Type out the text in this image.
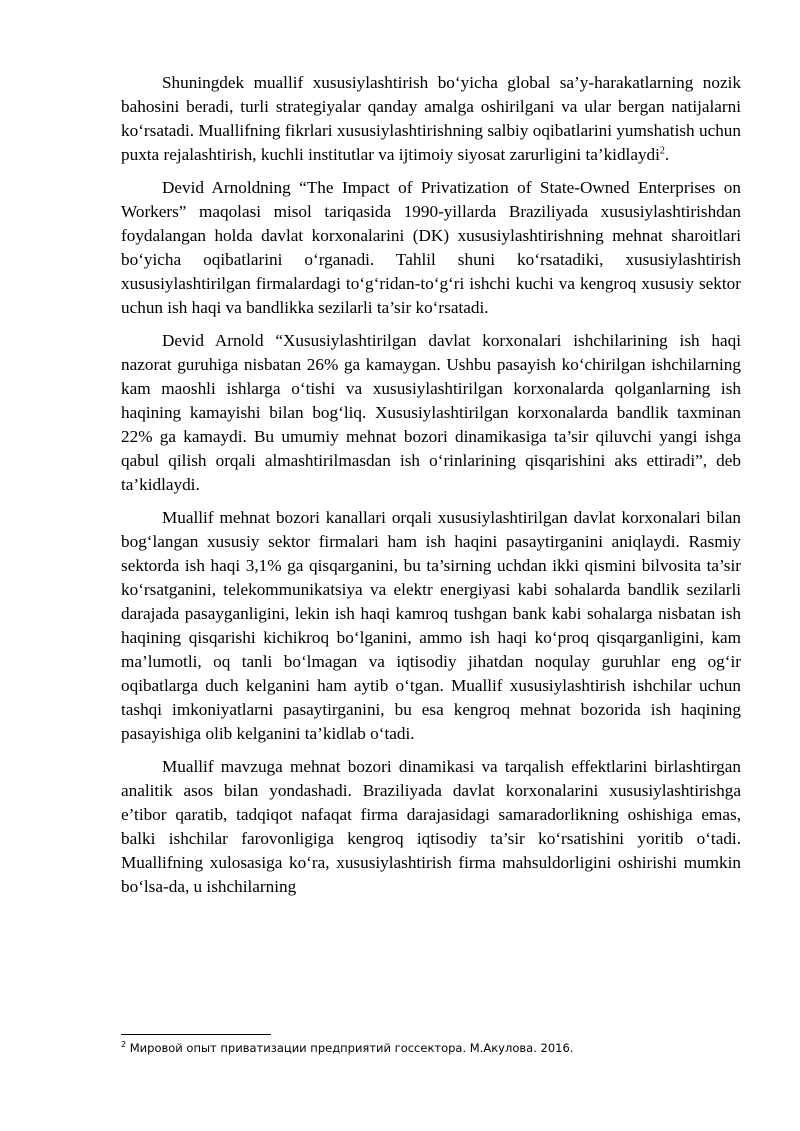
Shuningdek muallif xususiylashtirish bo‘yicha global sa’y-harakatlarning nozik bahosini beradi, turli strategiyalar qanday amalga oshirilgani va ular bergan natijalarni ko‘rsatadi. Muallifning fikrlari xususiylashtirishning salbiy oqibatlarini yumshatish uchun puxta rejalashtirish, kuchli institutlar va ijtimoiy siyosat zarurligini ta’kidlaydi$^2$.

Devid Arnoldning “The Impact of Privatization of State-Owned Enterprises on Workers” maqolasi misol tariqasida 1990-yillarda Braziliyada xususiylashtirishdan foydalangan holda davlat korxonalarini (DK) xususiylashtirishning mehnat sharoitlari bo‘yicha oqibatlarini o‘rganadi. Tahlil shuni ko‘rsatadiki, xususiylashtirish xususiylashtirilgan firmalardagi to‘g‘ridan-to‘g‘ri ishchi kuchi va kengroq xususiy sektor uchun ish haqi va bandlikka sezilarli ta’sir ko‘rsatadi.

Devid Arnold “Xususiylashtirilgan davlat korxonalari ishchilarining ish haqi nazorat guruhiga nisbatan 26% ga kamaygan. Ushbu pasayish ko‘chirilgan ishchilarning kam maoshli ishlarga o‘tishi va xususiylashtirilgan korxonalarda qolganlarning ish haqining kamayishi bilan bog‘liq. Xususiylashtirilgan korxonalarda bandlik taxminan 22% ga kamaydi. Bu umumiy mehnat bozori dinamikasiga ta’sir qiluvchi yangi ishga qabul qilish orqali almashtirilmasdan ish o‘rinlarining qisqarishini aks ettiradi”, deb ta’kidlaydi.

Muallif mehnat bozori kanallari orqali xususiylashtirilgan davlat korxonalari bilan bog‘langan xususiy sektor firmalari ham ish haqini pasaytirganini aniqlaydi. Rasmiy sektorda ish haqi 3,1% ga qisqarganini, bu ta’sirning uchdan ikki qismini bilvosita ta’sir ko‘rsatganini, telekommunikatsiya va elektr energiyasi kabi sohalarda bandlik sezilarli darajada pasayganligini, lekin ish haqi kamroq tushgan bank kabi sohalarga nisbatan ish haqining qisqarishi kichikroq bo‘lganini, ammo ish haqi ko‘proq qisqarganligini, kam ma’lumotli, oq tanli bo‘lmagan va iqtisodiy jihatdan noqulay guruhlar eng og‘ir oqibatlarga duch kelganini ham aytib o‘tgan. Muallif xususiylashtirish ishchilar uchun tashqi imkoniyatlarni pasaytirganini, bu esa kengroq mehnat bozorida ish haqining pasayishiga olib kelganini ta’kidlab o‘tadi.

Muallif mavzuga mehnat bozori dinamikasi va tarqalish effektlarini birlashtirgan analitik asos bilan yondashadi. Braziliyada davlat korxonalarini xususiylashtirishga e’tibor qaratib, tadqiqot nafaqat firma darajasidagi samaradorlikning oshishiga emas, balki ishchilar farovonligiga kengroq iqtisodiy ta’sir ko‘rsatishini yoritib o‘tadi. Muallifning xulosasiga ko‘ra, xususiylashtirish firma mahsuldorligini oshirishi mumkin bo‘lsa-da, u ishchilarning

$^2$ Мировой опыт приватизации предприятий госсектора. М.Акулова. 2016.
